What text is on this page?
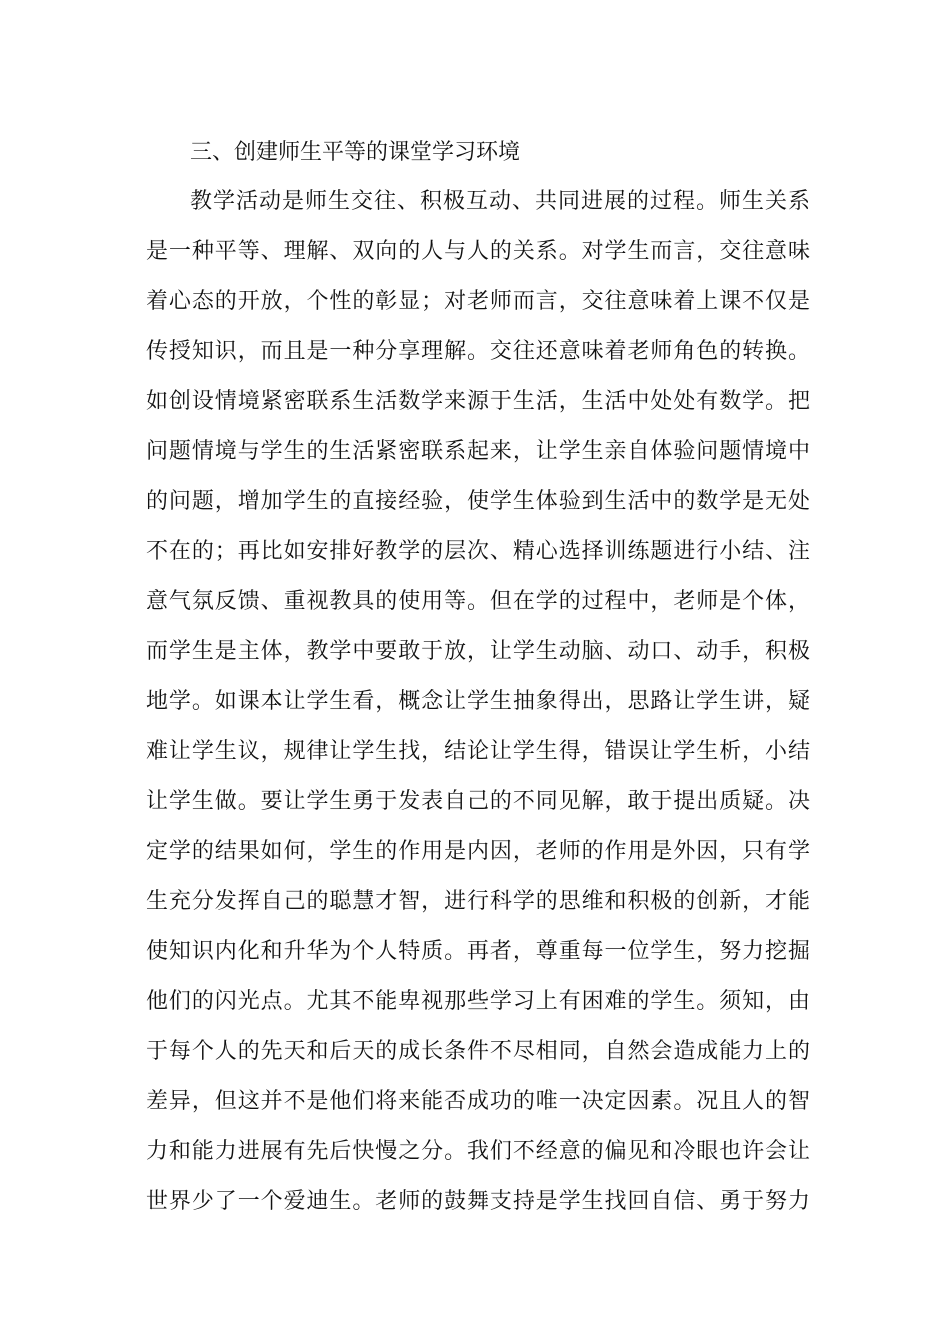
三、创建师生平等的课堂学习环境
教学活动是师生交往、积极互动、共同进展的过程。师生关系
是一种平等、理解、双向的人与人的关系。对学生而言，交往意味
着心态的开放，个性的彰显；对老师而言，交往意味着上课不仅是
传授知识，而且是一种分享理解。交往还意味着老师角色的转换。
如创设情境紧密联系生活数学来源于生活，生活中处处有数学。把
问题情境与学生的生活紧密联系起来，让学生亲自体验问题情境中
的问题，增加学生的直接经验，使学生体验到生活中的数学是无处
不在的；再比如安排好教学的层次、精心选择训练题进行小结、注
意气氛反馈、重视教具的使用等。但在学的过程中，老师是个体，
而学生是主体，教学中要敢于放，让学生动脑、动口、动手，积极
地学。如课本让学生看，概念让学生抽象得出，思路让学生讲，疑
难让学生议，规律让学生找，结论让学生得，错误让学生析，小结
让学生做。要让学生勇于发表自己的不同见解，敢于提出质疑。决
定学的结果如何，学生的作用是内因，老师的作用是外因，只有学
生充分发挥自己的聪慧才智，进行科学的思维和积极的创新，才能
使知识内化和升华为个人特质。再者，尊重每一位学生，努力挖掘
他们的闪光点。尤其不能卑视那些学习上有困难的学生。须知，由
于每个人的先天和后天的成长条件不尽相同，自然会造成能力上的
差异，但这并不是他们将来能否成功的唯一决定因素。况且人的智
力和能力进展有先后快慢之分。我们不经意的偏见和冷眼也许会让
世界少了一个爱迪生。老师的鼓舞支持是学生找回自信、勇于努力
